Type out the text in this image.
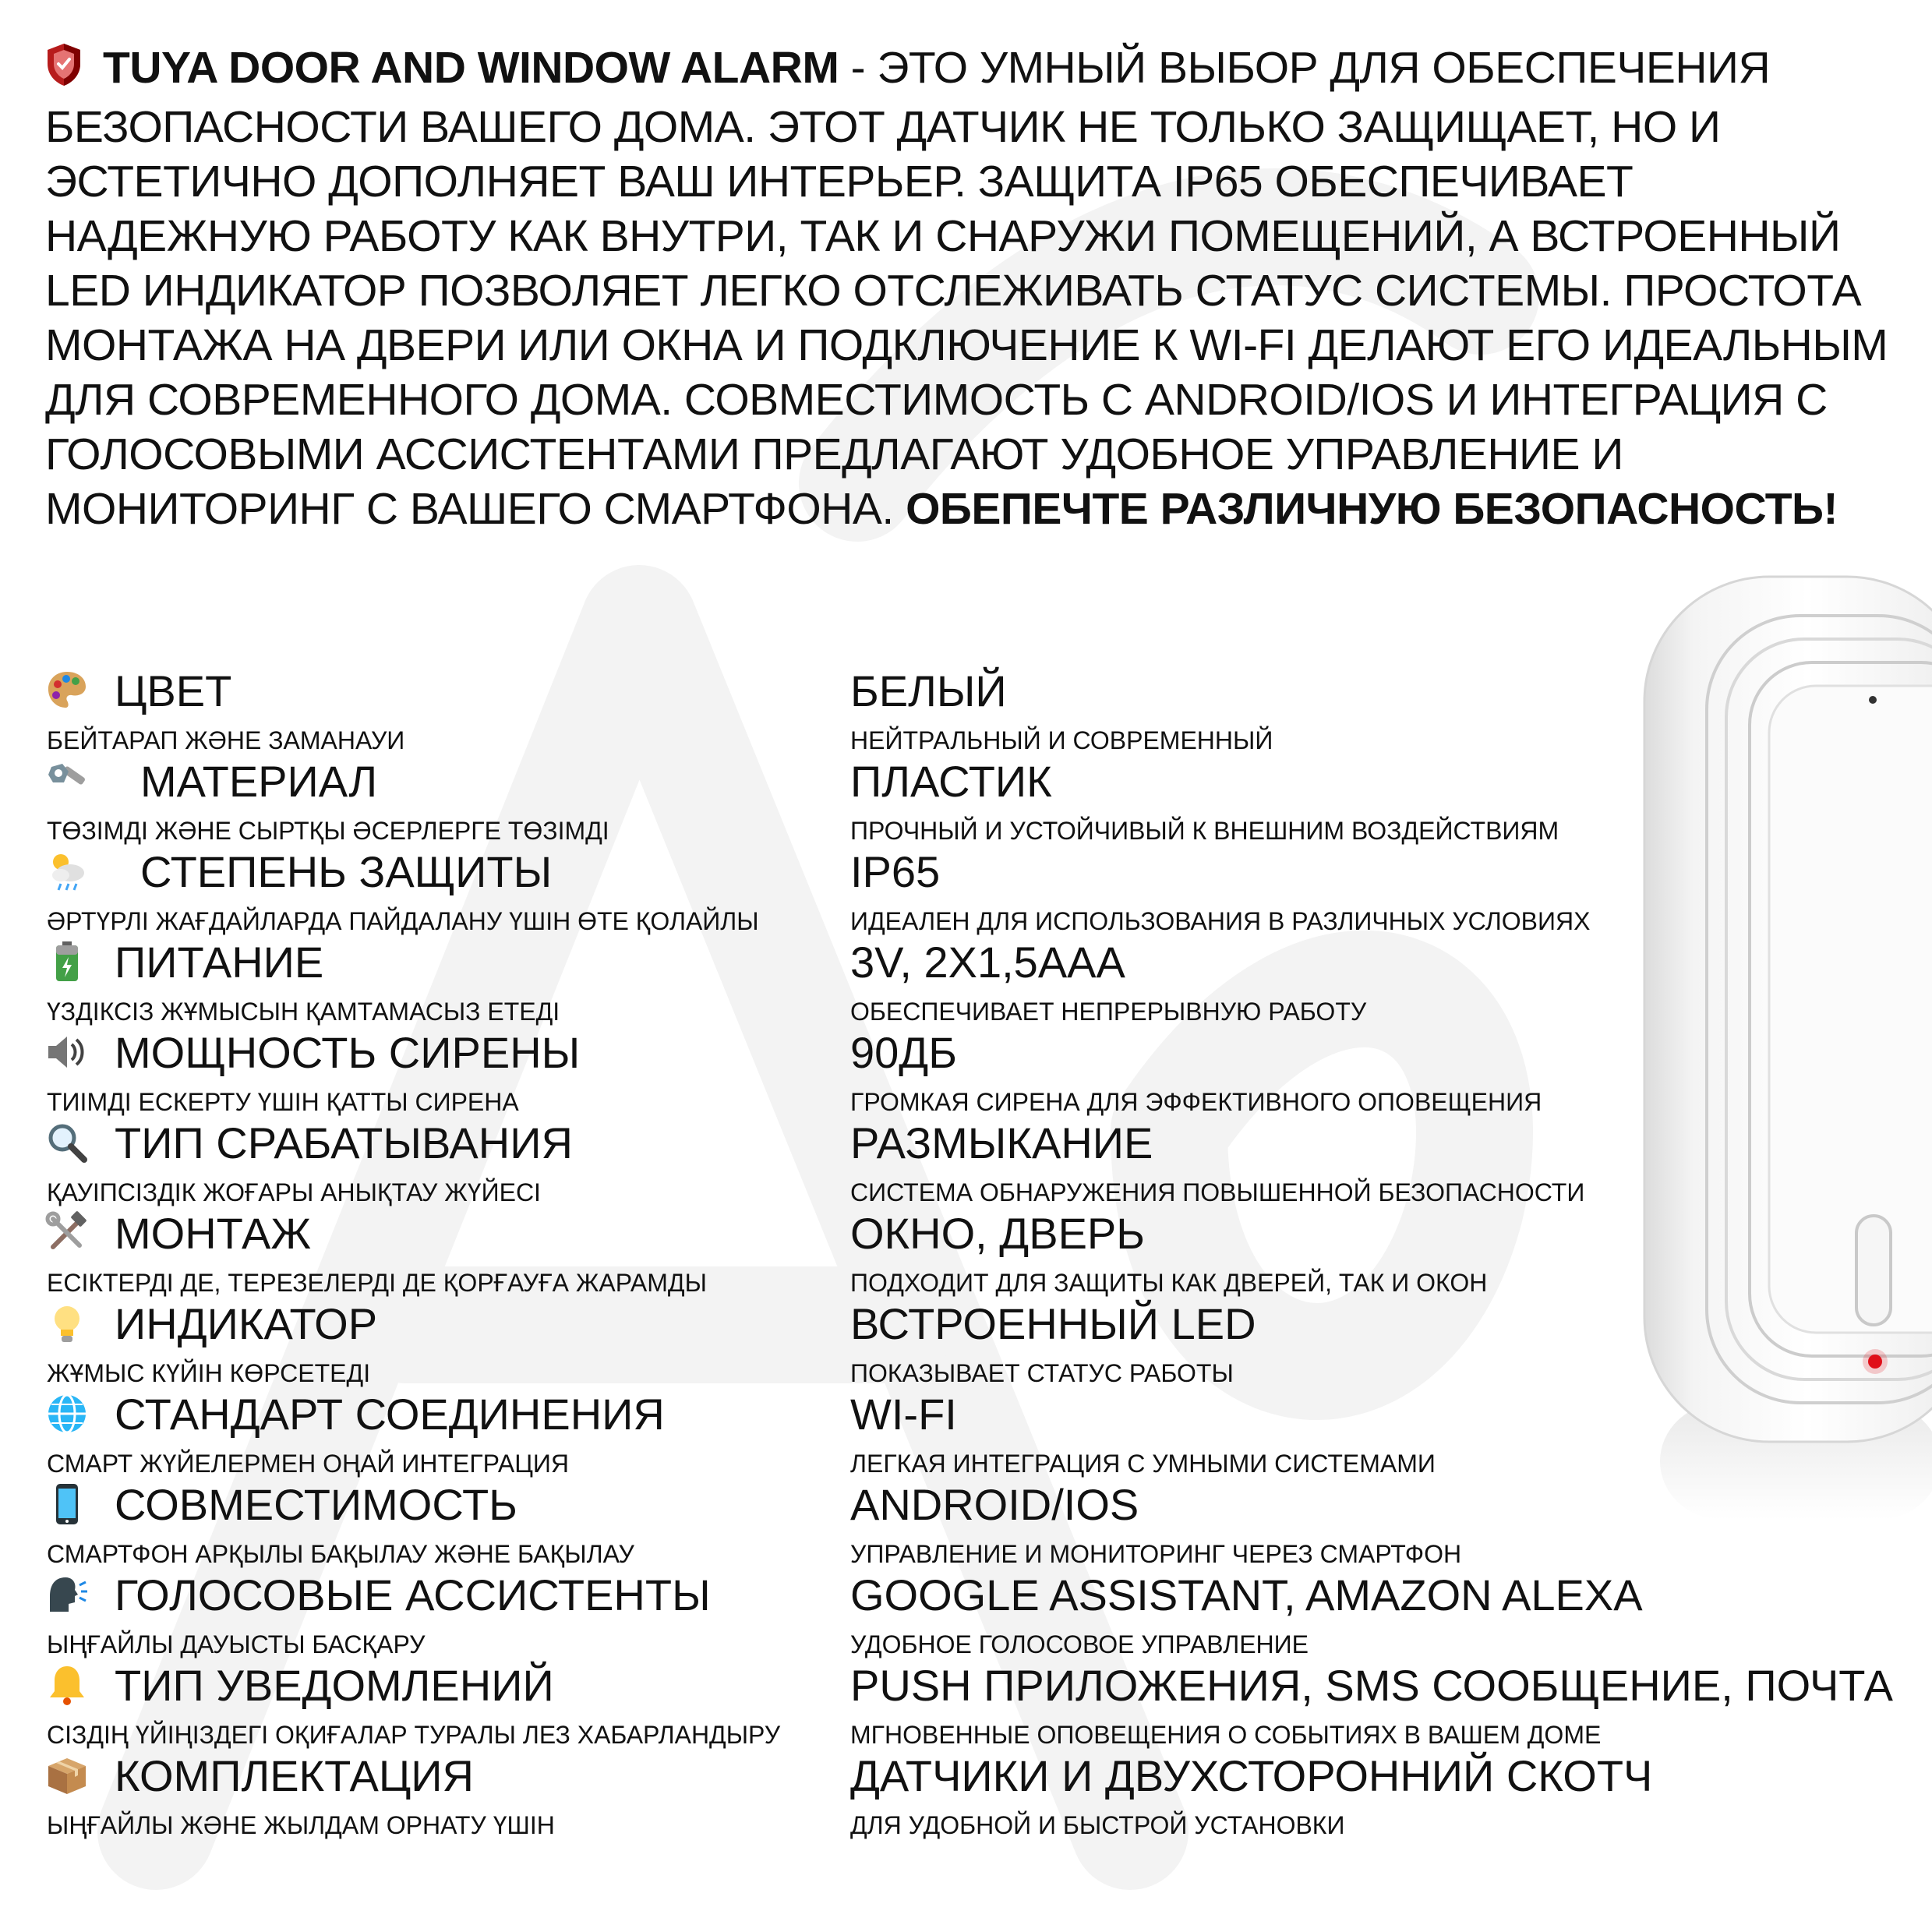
TUYA DOOR AND WINDOW ALARM - ЭТО УМНЫЙ ВЫБОР ДЛЯ ОБЕСПЕЧЕНИЯ БЕЗОПАСНОСТИ ВАШЕГО ДОМА. ЭТОТ ДАТЧИК НЕ ТОЛЬКО ЗАЩИЩАЕТ, НО И ЭСТЕТИЧНО ДОПОЛНЯЕТ ВАШ ИНТЕРЬЕР. ЗАЩИТА IP65 ОБЕСПЕЧИВАЕТ НАДЕЖНУЮ РАБОТУ КАК ВНУТРИ, ТАК И СНАРУЖИ ПОМЕЩЕНИЙ, А ВСТРОЕННЫЙ LED ИНДИКАТОР ПОЗВОЛЯЕТ ЛЕГКО ОТСЛЕЖИВАТЬ СТАТУС СИСТЕМЫ. ПРОСТОТА МОНТАЖА НА ДВЕРИ ИЛИ ОКНА И ПОДКЛЮЧЕНИЕ К WI-FI ДЕЛАЮТ ЕГО ИДЕАЛЬНЫМ ДЛЯ СОВРЕМЕННОГО ДОМА. СОВМЕСТИМОСТЬ С ANDROID/IOS И ИНТЕГРАЦИЯ С ГОЛОСОВЫМИ АССИСТЕНТАМИ ПРЕДЛАГАЮТ УДОБНОЕ УПРАВЛЕНИЕ И МОНИТОРИНГ С ВАШЕГО СМАРТФОНА. ОБЕПЕЧТЕ РАЗЛИЧНУЮ БЕЗОПАСНОСТЬ!
ЦВЕТ
БЕЙТАРАП ЖӘНЕ ЗАМАНАУИ
БЕЛЫЙ
НЕЙТРАЛЬНЫЙ И СОВРЕМЕННЫЙ
МАТЕРИАЛ
ТӨЗІМДІ ЖӘНЕ СЫРТҚЫ ӘСЕРЛЕРГЕ ТӨЗІМДІ
ПЛАСТИК
ПРОЧНЫЙ И УСТОЙЧИВЫЙ К ВНЕШНИМ ВОЗДЕЙСТВИЯМ
СТЕПЕНЬ ЗАЩИТЫ
ӘРТҮРЛІ ЖАҒДАЙЛАРДА ПАЙДАЛАНУ ҮШІН ӨТЕ ҚОЛАЙЛЫ
IP65
ИДЕАЛЕН ДЛЯ ИСПОЛЬЗОВАНИЯ В РАЗЛИЧНЫХ УСЛОВИЯХ
ПИТАНИЕ
ҮЗДІКСІЗ ЖҰМЫСЫН ҚАМТАМАСЫЗ ЕТЕДІ
3V, 2X1,5AAA
ОБЕСПЕЧИВАЕТ НЕПРЕРЫВНУЮ РАБОТУ
МОЩНОСТЬ СИРЕНЫ
ТИІМДІ ЕСКЕРТУ ҮШІН ҚАТТЫ СИРЕНА
90ДБ
ГРОМКАЯ СИРЕНА ДЛЯ ЭФФЕКТИВНОГО ОПОВЕЩЕНИЯ
ТИП СРАБАТЫВАНИЯ
ҚАУІПСІЗДІК ЖОҒАРЫ АНЫҚТАУ ЖҮЙЕСІ
РАЗМЫКАНИЕ
СИСТЕМА ОБНАРУЖЕНИЯ ПОВЫШЕННОЙ БЕЗОПАСНОСТИ
МОНТАЖ
ЕСІКТЕРДІ ДЕ, ТЕРЕЗЕЛЕРДІ ДЕ ҚОРҒАУҒА ЖАРАМДЫ
ОКНО, ДВЕРЬ
ПОДХОДИТ ДЛЯ ЗАЩИТЫ КАК ДВЕРЕЙ, ТАК И ОКОН
ИНДИКАТОР
ЖҰМЫС КҮЙІН КӨРСЕТЕДІ
ВСТРОЕННЫЙ LED
ПОКАЗЫВАЕТ СТАТУС РАБОТЫ
СТАНДАРТ СОЕДИНЕНИЯ
СМАРТ ЖҮЙЕЛЕРМЕН ОҢАЙ ИНТЕГРАЦИЯ
WI-FI
ЛЕГКАЯ ИНТЕГРАЦИЯ С УМНЫМИ СИСТЕМАМИ
СОВМЕСТИМОСТЬ
СМАРТФОН АРҚЫЛЫ БАҚЫЛАУ ЖӘНЕ БАҚЫЛАУ
ANDROID/IOS
УПРАВЛЕНИЕ И МОНИТОРИНГ ЧЕРЕЗ СМАРТФОН
ГОЛОСОВЫЕ АССИСТЕНТЫ
ЫҢҒАЙЛЫ ДАУЫСТЫ БАСҚАРУ
GOOGLE ASSISTANT, AMAZON ALEXA
УДОБНОЕ ГОЛОСОВОЕ УПРАВЛЕНИЕ
ТИП УВЕДОМЛЕНИЙ
СІЗДІҢ ҮЙІҢІЗДЕГІ ОҚИҒАЛАР ТУРАЛЫ ЛЕЗ ХАБАРЛАНДЫРУ
PUSH ПРИЛОЖЕНИЯ, SMS СООБЩЕНИЕ, ПОЧТА
МГНОВЕННЫЕ ОПОВЕЩЕНИЯ О СОБЫТИЯХ В ВАШЕМ ДОМЕ
КОМПЛЕКТАЦИЯ
ЫҢҒАЙЛЫ ЖӘНЕ ЖЫЛДАМ ОРНАТУ ҮШІН
ДАТЧИКИ И ДВУХСТОРОННИЙ СКОТЧ
ДЛЯ УДОБНОЙ И БЫСТРОЙ УСТАНОВКИ
